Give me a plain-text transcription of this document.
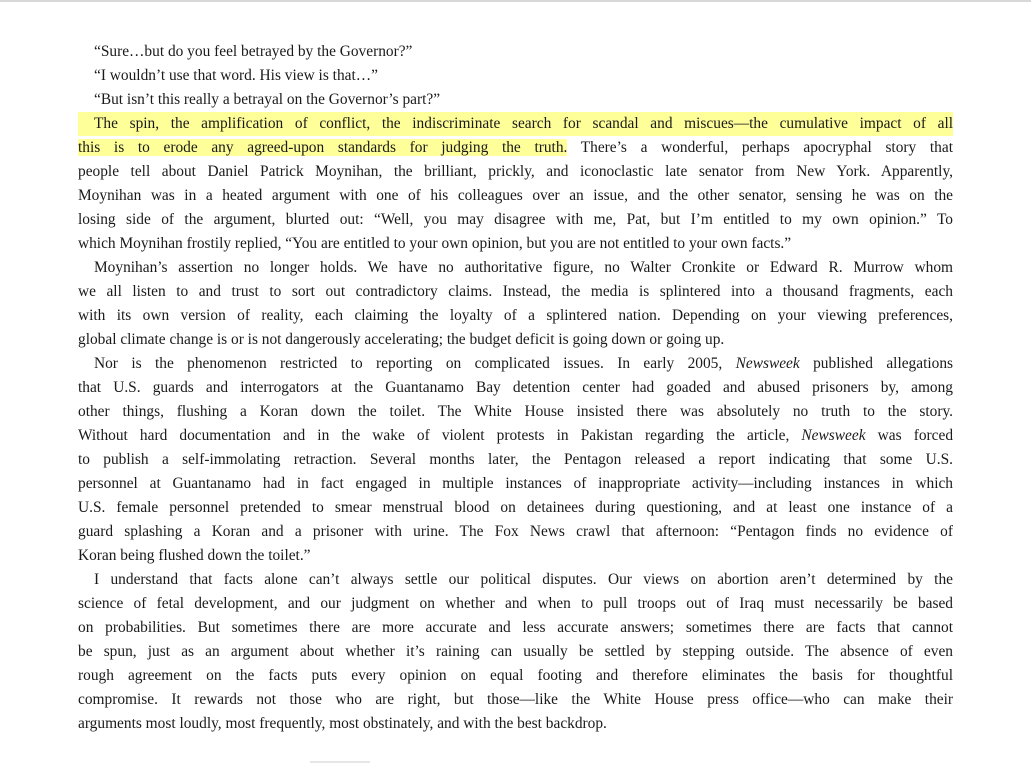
“Sure…but do you feel betrayed by the Governor?”
“I wouldn’t use that word. His view is that…”
“But isn’t this really a betrayal on the Governor’s part?”
The spin, the amplification of conflict, the indiscriminate search for scandal and miscues—the cumulative impact of all
this is to erode any agreed-upon standards for judging the truth. There’s a wonderful, perhaps apocryphal story that
people tell about Daniel Patrick Moynihan, the brilliant, prickly, and iconoclastic late senator from New York. Apparently,
Moynihan was in a heated argument with one of his colleagues over an issue, and the other senator, sensing he was on the
losing side of the argument, blurted out: “Well, you may disagree with me, Pat, but I’m entitled to my own opinion.” To
which Moynihan frostily replied, “You are entitled to your own opinion, but you are not entitled to your own facts.”
Moynihan’s assertion no longer holds. We have no authoritative figure, no Walter Cronkite or Edward R. Murrow whom
we all listen to and trust to sort out contradictory claims. Instead, the media is splintered into a thousand fragments, each
with its own version of reality, each claiming the loyalty of a splintered nation. Depending on your viewing preferences,
global climate change is or is not dangerously accelerating; the budget deficit is going down or going up.
Nor is the phenomenon restricted to reporting on complicated issues. In early 2005, Newsweek published allegations
that U.S. guards and interrogators at the Guantanamo Bay detention center had goaded and abused prisoners by, among
other things, flushing a Koran down the toilet. The White House insisted there was absolutely no truth to the story.
Without hard documentation and in the wake of violent protests in Pakistan regarding the article, Newsweek was forced
to publish a self-immolating retraction. Several months later, the Pentagon released a report indicating that some U.S.
personnel at Guantanamo had in fact engaged in multiple instances of inappropriate activity—including instances in which
U.S. female personnel pretended to smear menstrual blood on detainees during questioning, and at least one instance of a
guard splashing a Koran and a prisoner with urine. The Fox News crawl that afternoon: “Pentagon finds no evidence of
Koran being flushed down the toilet.”
I understand that facts alone can’t always settle our political disputes. Our views on abortion aren’t determined by the
science of fetal development, and our judgment on whether and when to pull troops out of Iraq must necessarily be based
on probabilities. But sometimes there are more accurate and less accurate answers; sometimes there are facts that cannot
be spun, just as an argument about whether it’s raining can usually be settled by stepping outside. The absence of even
rough agreement on the facts puts every opinion on equal footing and therefore eliminates the basis for thoughtful
compromise. It rewards not those who are right, but those—like the White House press office—who can make their
arguments most loudly, most frequently, most obstinately, and with the best backdrop.
